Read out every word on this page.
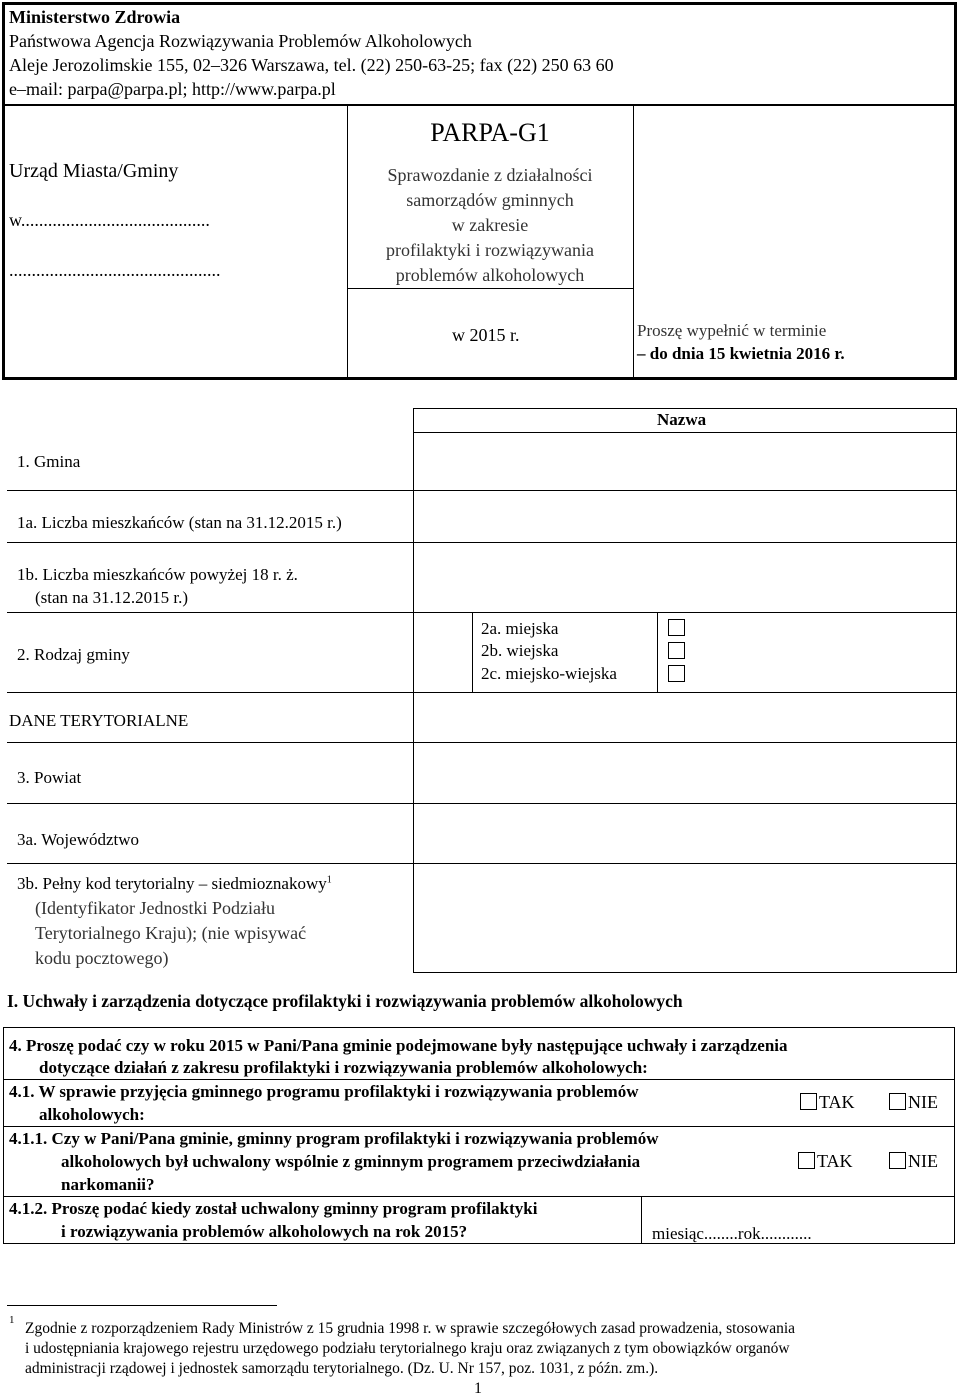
Ministerstwo Zdrowia
Państwowa Agencja Rozwiązywania Problemów Alkoholowych
Aleje Jerozolimskie 155, 02–326 Warszawa, tel. (22) 250-63-25; fax (22) 250 63 60
e–mail: parpa@parpa.pl; http://www.parpa.pl
Urząd Miasta/Gminy
w..........................................
...............................................
PARPA-G1
Sprawozdanie z działalności
samorządów gminnych
w zakresie
profilaktyki i rozwiązywania
problemów alkoholowych
w 2015 r.	Proszę wypełnić w terminie
– do dnia 15 kwietnia 2016 r.
Nazwa
1. Gmina
1a. Liczba mieszkańców (stan na 31.12.2015 r.)
1b. Liczba mieszkańców powyżej 18 r. ż.
(stan na 31.12.2015 r.)
2. Rodzaj gminy
2a. miejska
2b. wiejska
2c. miejsko-wiejska
DANE TERYTORIALNE
3. Powiat
3a. Województwo
3b. Pełny kod terytorialny – siedmioznakowy$^1$
(Identyfikator Jednostki Podziału
Terytorialnego Kraju); (nie wpisywać
kodu pocztowego)
I. Uchwały i zarządzenia dotyczące profilaktyki i rozwiązywania problemów alkoholowych
4. Proszę podać czy w roku 2015 w Pani/Pana gminie podejmowane były następujące uchwały i zarządzenia
dotyczące działań z zakresu profilaktyki i rozwiązywania problemów alkoholowych:
4.1. W sprawie przyjęcia gminnego programu profilaktyki i rozwiązywania problemów
alkoholowych:
TAK	NIE
4.1.1. Czy w Pani/Pana gminie, gminny program profilaktyki i rozwiązywania problemów
alkoholowych był uchwalony wspólnie z gminnym programem przeciwdziałania
narkomanii?
TAK	NIE
4.1.2. Proszę podać kiedy został uchwalony gminny program profilaktyki
i rozwiązywania problemów alkoholowych na rok 2015?	miesiąc........rok............
1 Zgodnie z rozporządzeniem Rady Ministrów z 15 grudnia 1998 r. w sprawie szczegółowych zasad prowadzenia, stosowania
i udostępniania krajowego rejestru urzędowego podziału terytorialnego kraju oraz związanych z tym obowiązków organów
administracji rządowej i jednostek samorządu terytorialnego. (Dz. U. Nr 157, poz. 1031, z późn. zm.).
1
